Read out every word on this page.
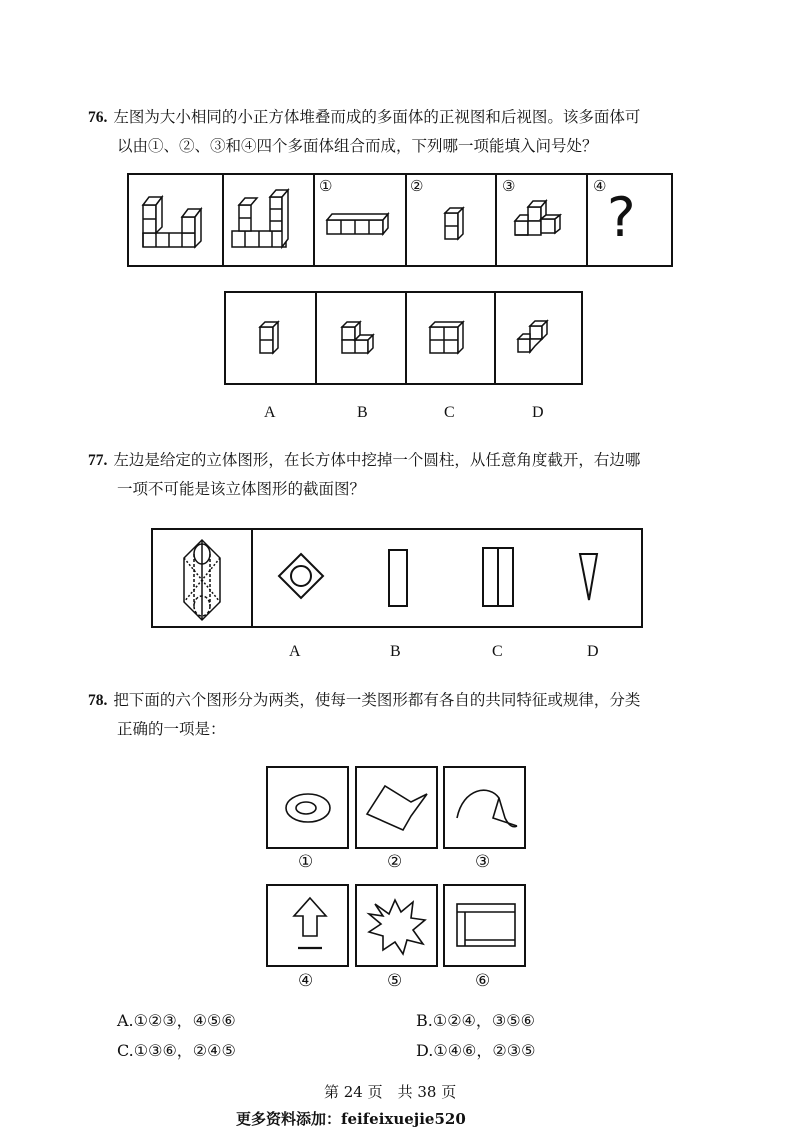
76. 左图为大小相同的小正方体堆叠而成的多面体的正视图和后视图。该多面体可
以由①、②、③和④四个多面体组合而成，下列哪一项能填入问号处？
①	②	③	④ ?
A	B	C	D
77. 左边是给定的立体图形，在长方体中挖掉一个圆柱，从任意角度截开，右边哪
一项不可能是该立体图形的截面图？
A	B	C	D
78. 把下面的六个图形分为两类，使每一类图形都有各自的共同特征或规律，分类
正确的一项是：
①	②	③
④	⑤	⑥
A.①②③，④⑤⑥	B.①②④，③⑤⑥
C.①③⑥，②④⑤	D.①④⑥，②③⑤
第 24 页　共 38 页
更多资料添加：feifeixuejie520
